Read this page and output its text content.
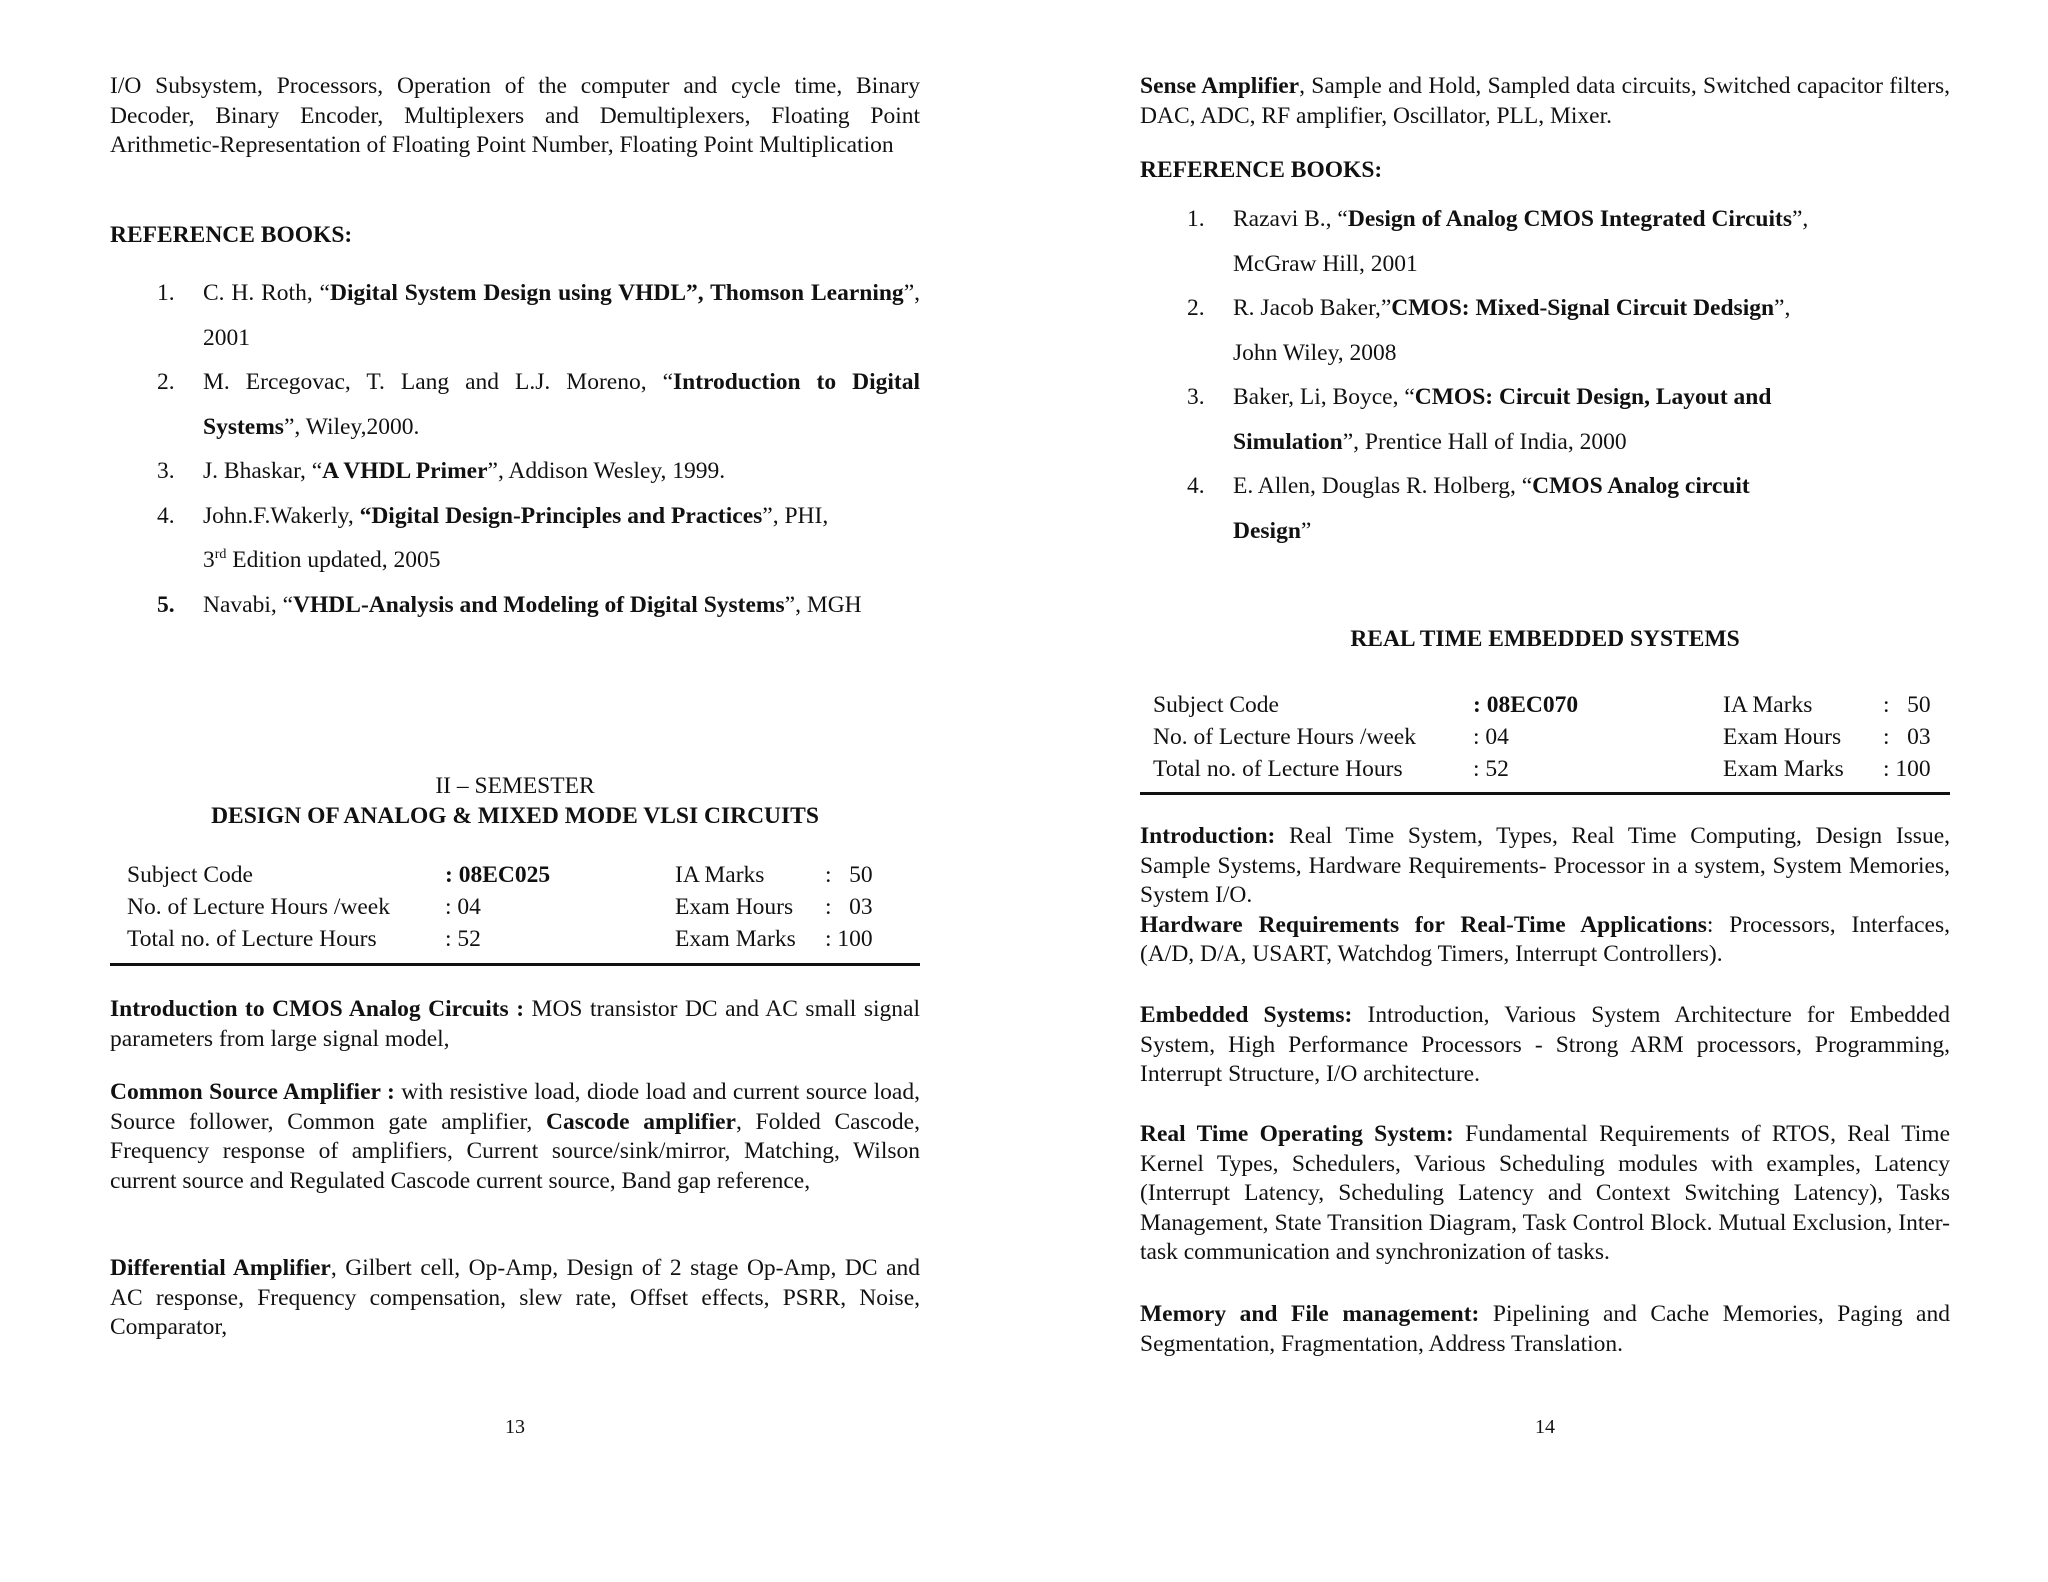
I/O Subsystem, Processors, Operation of the computer and cycle time, Binary Decoder, Binary Encoder, Multiplexers and Demultiplexers, Floating Point Arithmetic-Representation of Floating Point Number, Floating Point Multiplication

REFERENCE BOOKS:

1. C. H. Roth, “Digital System Design using VHDL”, Thomson Learning”, 2001
2. M. Ercegovac, T. Lang and L.J. Moreno, “Introduction to Digital Systems”, Wiley,2000.
3. J. Bhaskar, “A VHDL Primer”, Addison Wesley, 1999.
4. John.F.Wakerly, “Digital Design-Principles and Practices”, PHI,
3rd Edition updated, 2005
5. Navabi, “VHDL-Analysis and Modeling of Digital Systems”, MGH

II – SEMESTER

DESIGN OF ANALOG & MIXED MODE VLSI CIRCUITS

	Subject Code	: 08EC025	IA Marks	:   50
	No. of Lecture Hours /week	: 04	Exam Hours	:   03
	Total no. of Lecture Hours	: 52	Exam Marks	: 100

Introduction to CMOS Analog Circuits : MOS transistor DC and AC small signal parameters from large signal model,

Common Source Amplifier : with resistive load, diode load and current source load, Source follower, Common gate amplifier, Cascode amplifier, Folded Cascode, Frequency response of amplifiers, Current source/sink/mirror, Matching, Wilson current source and Regulated Cascode current source, Band gap reference,

Differential Amplifier, Gilbert cell, Op-Amp, Design of 2 stage Op-Amp, DC and AC response, Frequency compensation, slew rate, Offset effects, PSRR, Noise, Comparator,

13

Sense Amplifier, Sample and Hold, Sampled data circuits, Switched capacitor filters, DAC, ADC, RF amplifier, Oscillator, PLL, Mixer.

REFERENCE BOOKS:

1. Razavi B., “Design of Analog CMOS Integrated Circuits”,
McGraw Hill, 2001
2. R. Jacob Baker,”CMOS: Mixed-Signal Circuit Dedsign”,
John Wiley, 2008
3. Baker, Li, Boyce, “CMOS: Circuit Design, Layout and
Simulation”, Prentice Hall of India, 2000
4. E. Allen, Douglas R. Holberg, “CMOS Analog circuit
Design”

REAL TIME EMBEDDED SYSTEMS

	Subject Code	: 08EC070	IA Marks	:   50
	No. of Lecture Hours /week	: 04	Exam Hours	:   03
	Total no. of Lecture Hours	: 52	Exam Marks	: 100

Introduction: Real Time System, Types, Real Time Computing, Design Issue, Sample Systems, Hardware Requirements- Processor in a system, System Memories, System I/O.
Hardware Requirements for Real-Time Applications: Processors, Interfaces, (A/D, D/A, USART, Watchdog Timers, Interrupt Controllers).

Embedded Systems: Introduction, Various System Architecture for Embedded System, High Performance Processors - Strong ARM processors, Programming, Interrupt Structure, I/O architecture.

Real Time Operating System: Fundamental Requirements of RTOS, Real Time Kernel Types, Schedulers, Various Scheduling modules with examples, Latency (Interrupt Latency, Scheduling Latency and Context Switching Latency), Tasks Management, State Transition Diagram, Task Control Block. Mutual Exclusion, Inter-task communication and synchronization of tasks.

Memory and File management: Pipelining and Cache Memories, Paging and Segmentation, Fragmentation, Address Translation.

14
